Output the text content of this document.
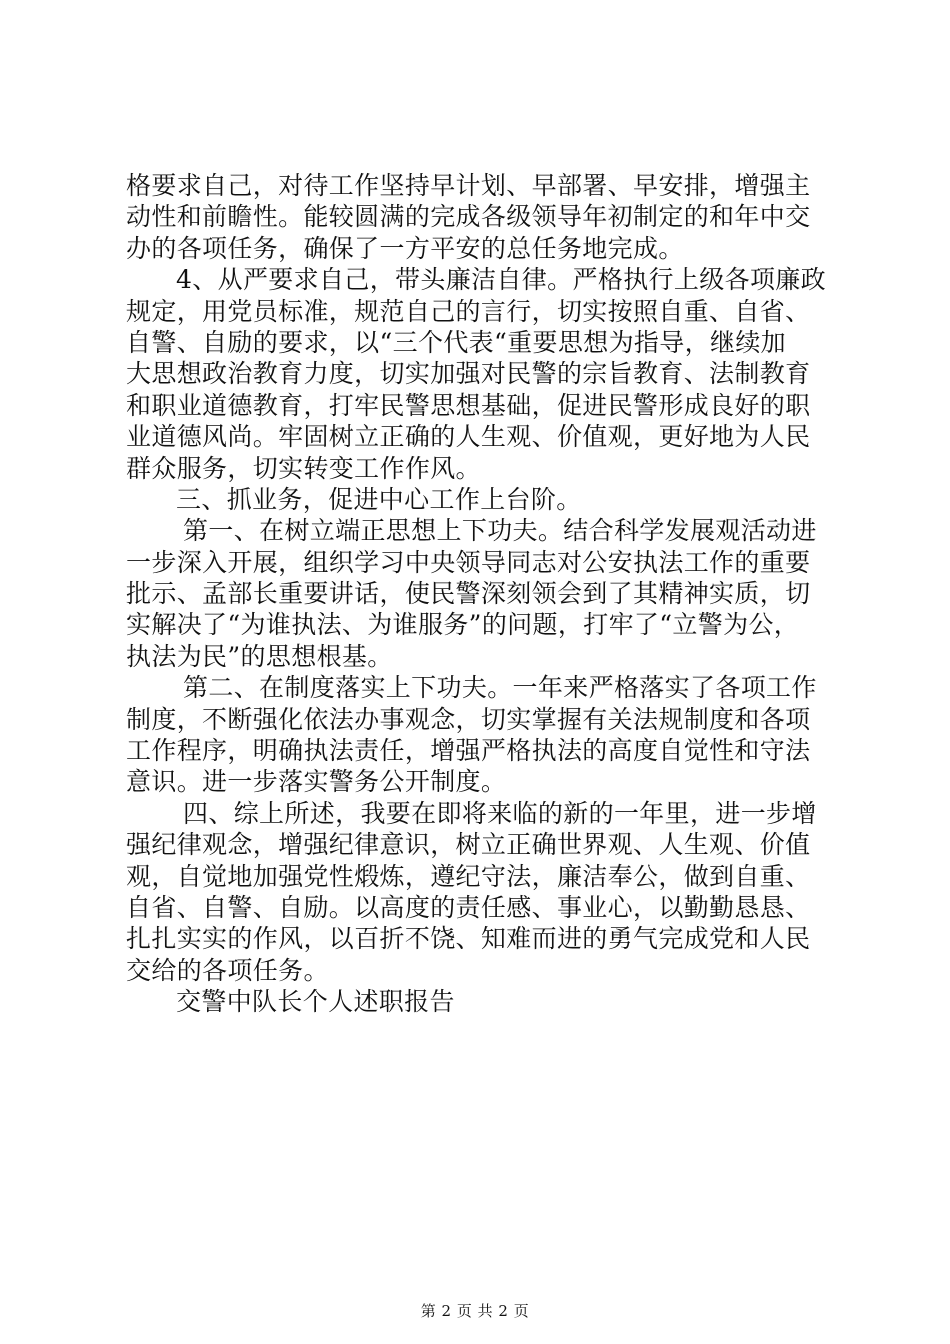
格要求自己，对待工作坚持早计划、早部署、早安排，增强主
动性和前瞻性。能较圆满的完成各级领导年初制定的和年中交
办的各项任务，确保了一方平安的总任务地完成。
4、从严要求自己，带头廉洁自律。严格执行上级各项廉政
规定，用党员标准，规范自己的言行，切实按照自重、自省、
自警、自励的要求，以“三个代表“重要思想为指导，继续加
大思想政治教育力度，切实加强对民警的宗旨教育、法制教育
和职业道德教育，打牢民警思想基础，促进民警形成良好的职
业道德风尚。牢固树立正确的人生观、价值观，更好地为人民
群众服务，切实转变工作作风。
三、抓业务，促进中心工作上台阶。
第一、在树立端正思想上下功夫。结合科学发展观活动进
一步深入开展，组织学习中央领导同志对公安执法工作的重要
批示、孟部长重要讲话，使民警深刻领会到了其精神实质，切
实解决了“为谁执法、为谁服务”的问题，打牢了“立警为公，
执法为民”的思想根基。
第二、在制度落实上下功夫。一年来严格落实了各项工作
制度，不断强化依法办事观念，切实掌握有关法规制度和各项
工作程序，明确执法责任，增强严格执法的高度自觉性和守法
意识。进一步落实警务公开制度。
四、综上所述，我要在即将来临的新的一年里，进一步增
强纪律观念，增强纪律意识，树立正确世界观、人生观、价值
观，自觉地加强党性煅炼，遵纪守法，廉洁奉公，做到自重、
自省、自警、自励。以高度的责任感、事业心，以勤勤恳恳、
扎扎实实的作风，以百折不饶、知难而进的勇气完成党和人民
交给的各项任务。
交警中队长个人述职报告
第 2 页 共 2 页
